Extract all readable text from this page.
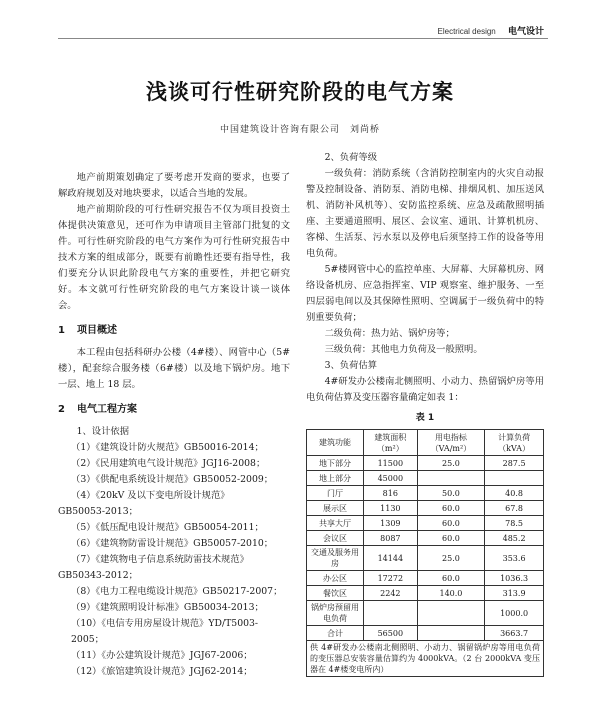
Electrical design 电气设计
浅谈可行性研究阶段的电气方案
中国建筑设计咨询有限公司　刘尚桥

地产前期策划确定了要考虑开发商的要求，也要了解政府规划及对地块要求，以适合当地的发展。

地产前期阶段的可行性研究报告不仅为项目投资土体提供决策意见，还可作为申请项目主管部门批复的文件。可行性研究阶段的电气方案作为可行性研究报告中技术方案的组成部分，既要有前瞻性还要有指导性，我们要充分认识此阶段电气方案的重要性，并把它研究好。本文就可行性研究阶段的电气方案设计谈一谈体会。

1 项目概述

本工程由包括科研办公楼（4#楼）、网管中心（5#楼），配套综合服务楼（6#楼）以及地下锅炉房。地下一层、地上 18 层。

2 电气工程方案

1、设计依据

（1）《建筑设计防火规范》GB50016-2014；
（2）《民用建筑电气设计规范》JGJ16-2008；
（3）《供配电系统设计规范》GB50052-2009；
（4）《20kV 及以下变电所设计规范》
GB50053-2013；
（5）《低压配电设计规范》GB50054-2011；
（6）《建筑物防雷设计规范》GB50057-2010；
（7）《建筑物电子信息系统防雷技术规范》
GB50343-2012；
（8）《电力工程电缆设计规范》GB50217-2007；
（9）《建筑照明设计标准》GB50034-2013；
（10）《电信专用房屋设计规范》YD/T5003-2005；
（11）《办公建筑设计规范》JGJ67-2006；
（12）《旅馆建筑设计规范》JGJ62-2014；

2、负荷等级

一级负荷：消防系统（含消防控制室内的火灾自动报警及控制设备、消防泵、消防电梯、排烟风机、加压送风机、消防补风机等）、安防监控系统、应急及疏散照明插座、主要通道照明、展区、会议室、通讯、计算机机房、客梯、生活泵、污水泵以及停电后须坚持工作的设备等用电负荷。

5#楼网管中心的监控单座、大屏幕、大屏幕机房、网络设备机房、应急指挥室、VIP 观察室、维护服务、一至四层弱电间以及其保障性照明、空调属于一级负荷中的特别重要负荷；

二级负荷：热力站、锅炉房等；

三级负荷：其他电力负荷及一般照明。

3、负荷估算

4#研发办公楼南北侧照明、小动力、热留锅炉房等用电负荷估算及变压器容量确定如表 1：

表 1
建筑功能	建筑面积（m²）	用电指标（VA/m²）	计算负荷（kVA）
地下部分	11500	25.0	287.5
地上部分	45000		
门厅	816	50.0	40.8
展示区	1130	60.0	67.8
共享大厅	1309	60.0	78.5
会议区	8087	60.0	485.2
交通及服务用房	14144	25.0	353.6
办公区	17272	60.0	1036.3
餐饮区	2242	140.0	313.9
锅炉房预留用电负荷			1000.0
合计	56500		3663.7
供 4#研发办公楼南北侧照明、小动力、锅留锅炉房等用电负荷的变压器总安装容量估算约为 4000kVA。（2 台 2000kVA 变压器在 4#楼变电所内）
